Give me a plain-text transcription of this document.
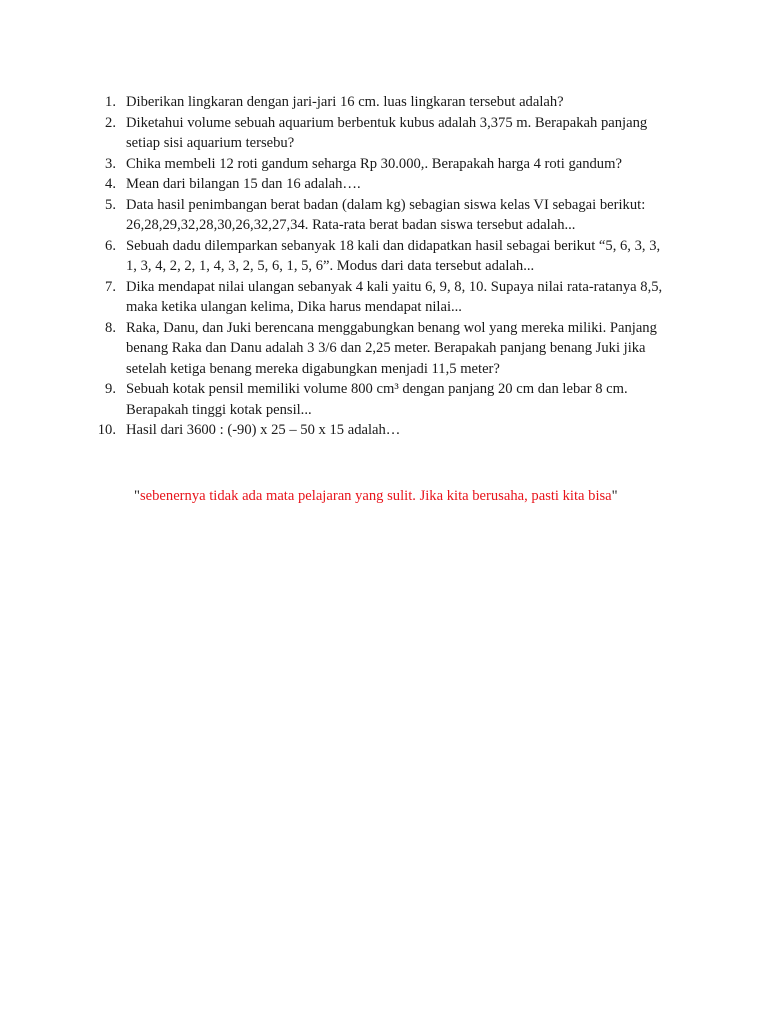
1. Diberikan lingkaran dengan jari-jari 16 cm. luas lingkaran tersebut adalah?
2. Diketahui volume sebuah aquarium berbentuk kubus adalah 3,375 m. Berapakah panjang setiap sisi aquarium tersebu?
3. Chika membeli 12 roti gandum seharga Rp 30.000,. Berapakah harga 4 roti gandum?
4. Mean dari bilangan 15 dan 16 adalah….
5. Data hasil penimbangan berat badan (dalam kg) sebagian siswa kelas VI sebagai berikut: 26,28,29,32,28,30,26,32,27,34. Rata-rata berat badan siswa tersebut adalah...
6. Sebuah dadu dilemparkan sebanyak 18 kali dan didapatkan hasil sebagai berikut “5, 6, 3, 3, 1, 3, 4, 2, 2, 1, 4, 3, 2, 5, 6, 1, 5, 6”. Modus dari data tersebut adalah...
7. Dika mendapat nilai ulangan sebanyak 4 kali yaitu 6, 9, 8, 10. Supaya nilai rata-ratanya 8,5, maka ketika ulangan kelima, Dika harus mendapat nilai...
8. Raka, Danu, dan Juki berencana menggabungkan benang wol yang mereka miliki. Panjang benang Raka dan Danu adalah 3 3/6 dan 2,25 meter. Berapakah panjang benang Juki jika setelah ketiga benang mereka digabungkan menjadi 11,5 meter?
9. Sebuah kotak pensil memiliki volume 800 cm³ dengan panjang 20 cm dan lebar 8 cm. Berapakah tinggi kotak pensil...
10. Hasil dari 3600 : (-90) x 25 – 50 x 15 adalah…
"sebenernya tidak ada mata pelajaran yang sulit. Jika kita berusaha, pasti kita bisa"
